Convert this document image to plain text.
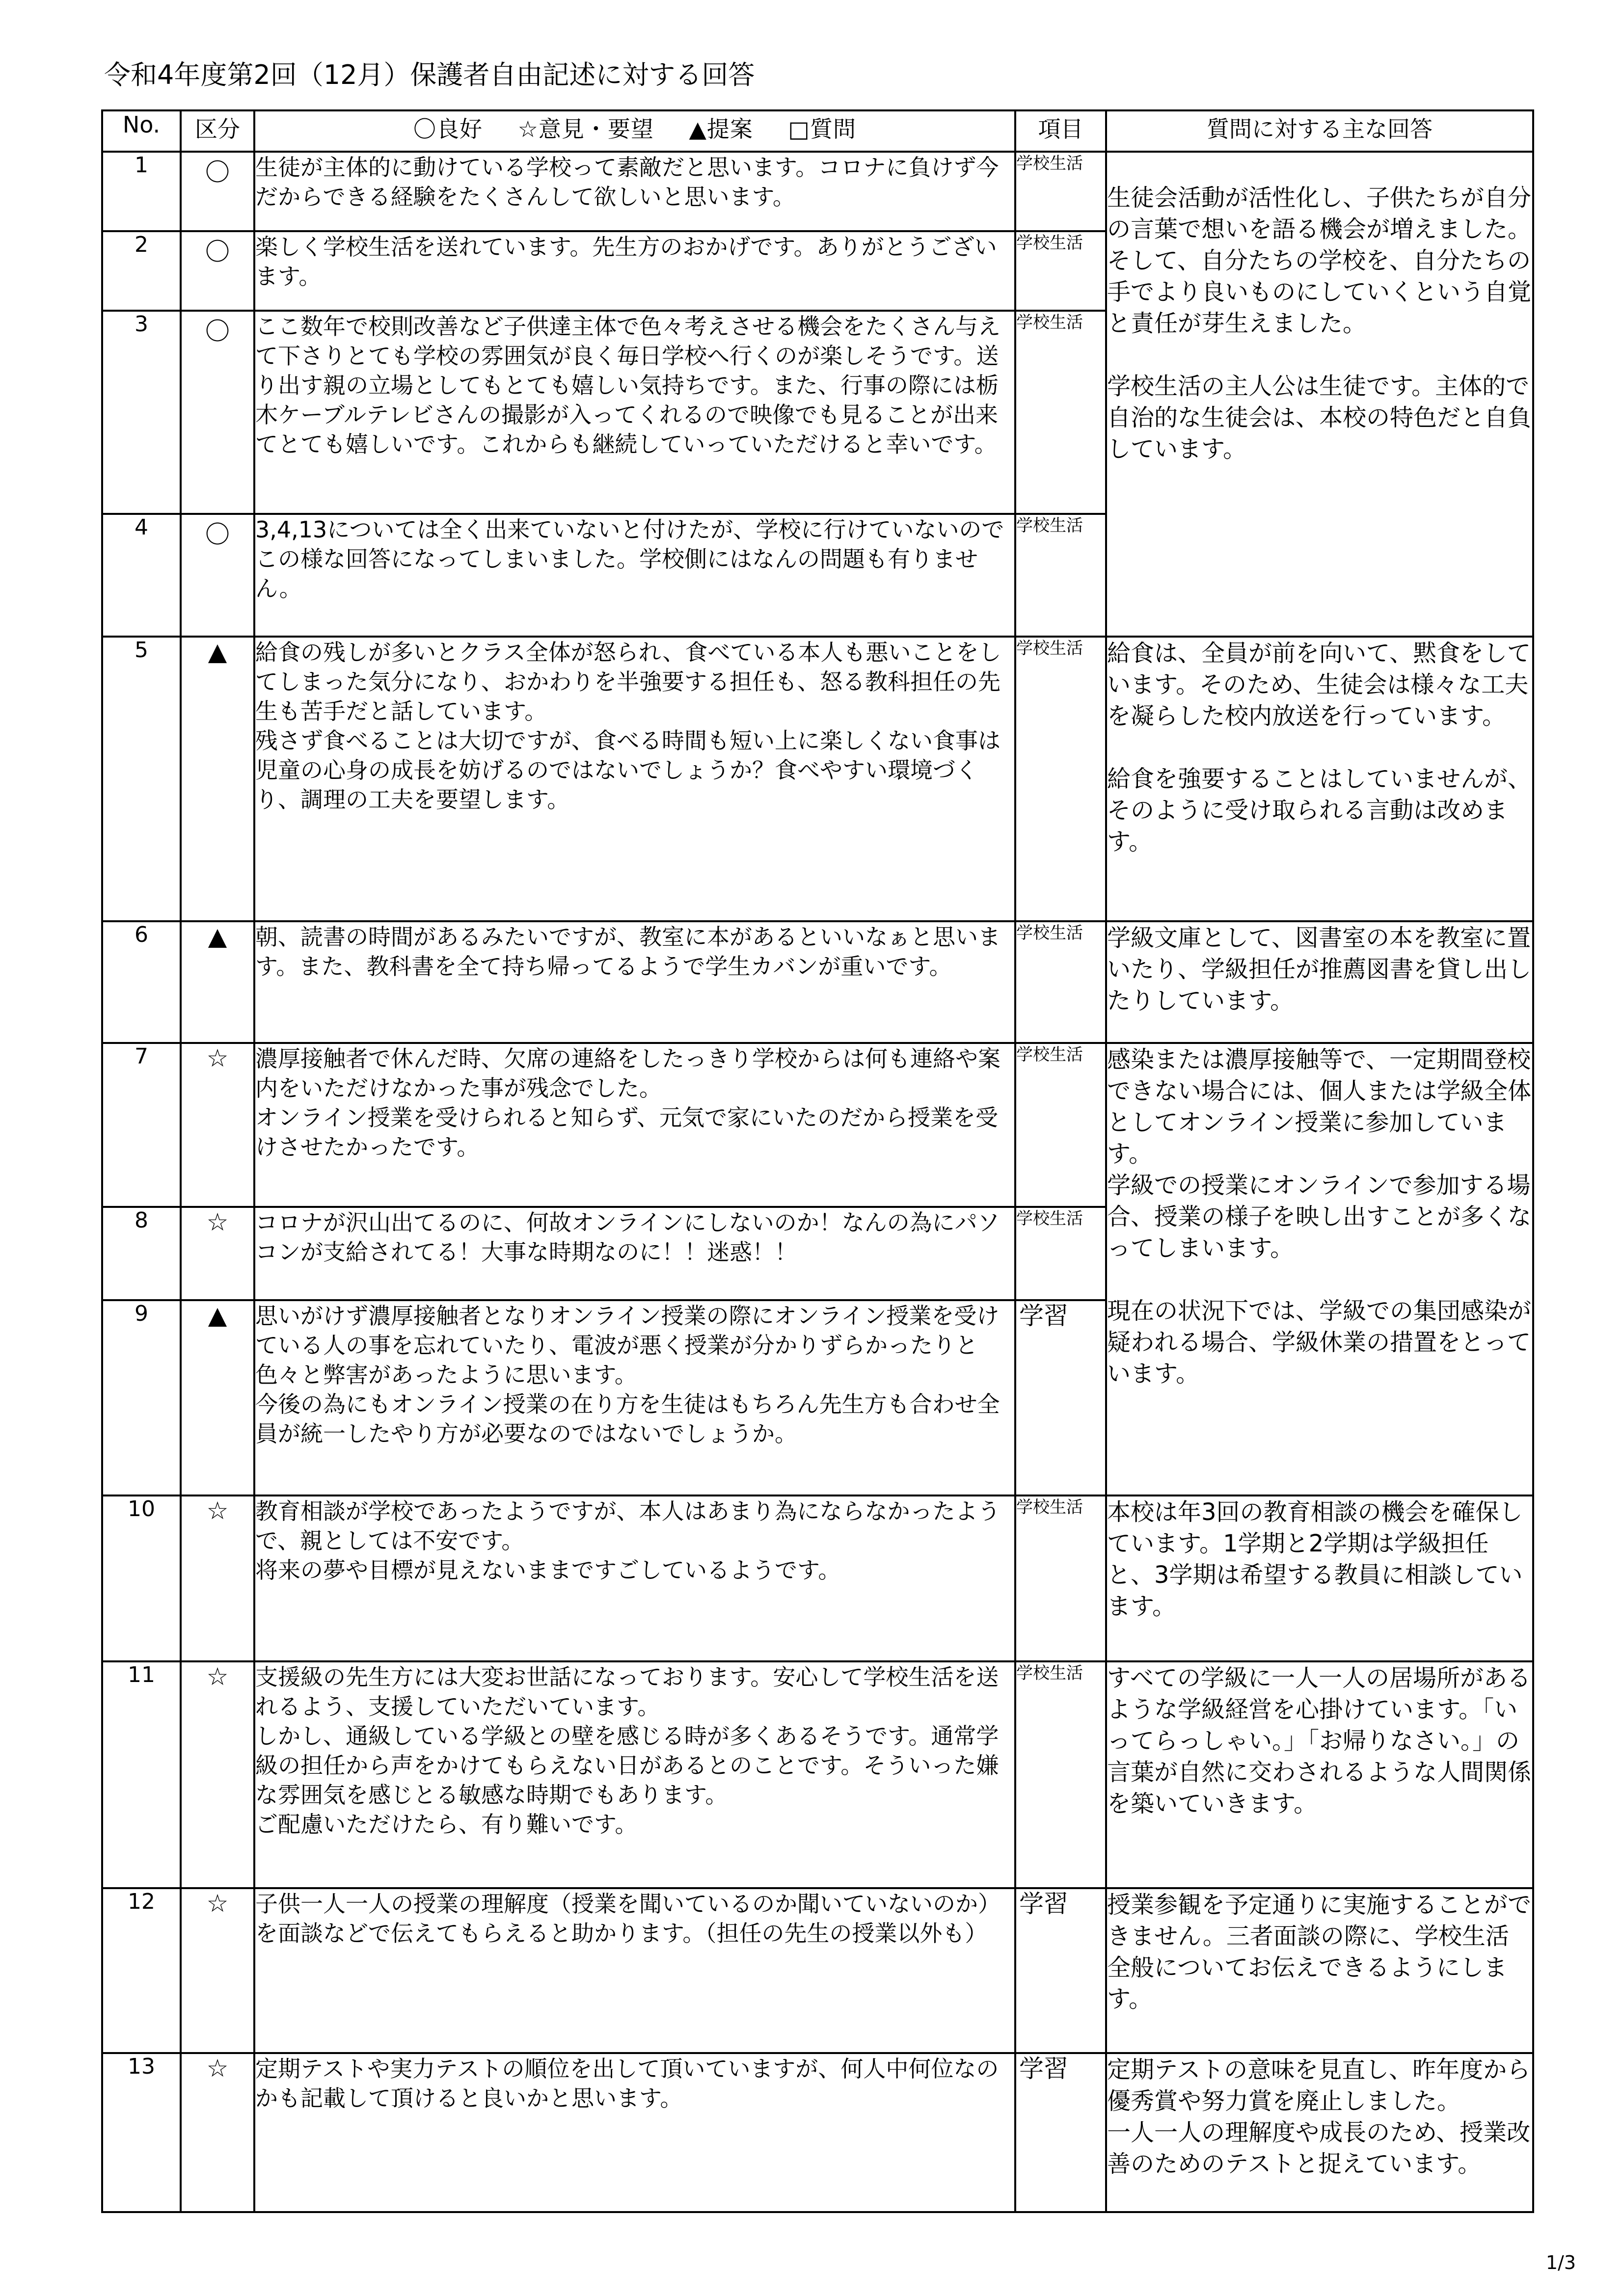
令和4年度第2回（12月）保護者自由記述に対する回答
No.	区分	〇良好 ☆意見・要望 ▲提案 □質問	項目	質問に対する主な回答
1	〇	生徒が主体的に動けている学校って素敵だと思います。コロナに負けず今だからできる経験をたくさんして欲しいと思います。	学校生活	生徒会活動が活性化し、子供たちが自分の言葉で想いを語る機会が増えました。そして、自分たちの学校を、自分たちの手でより良いものにしていくという自覚と責任が芽生えました。

学校生活の主人公は生徒です。主体的で自治的な生徒会は、本校の特色だと自負しています。

2	〇	楽しく学校生活を送れています。先生方のおかげです。ありがとうございます。	学校生活	

3	〇	ここ数年で校則改善など子供達主体で色々考えさせる機会をたくさん与えて下さりとても学校の雰囲気が良く毎日学校へ行くのが楽しそうです。送り出す親の立場としてもとても嬉しい気持ちです。また、行事の際には栃木ケーブルテレビさんの撮影が入ってくれるので映像でも見ることが出来てとても嬉しいです。これからも継続していっていただけると幸いです。	学校生活	

4	〇	3,4,13については全く出来ていないと付けたが、学校に行けていないのでこの様な回答になってしまいました。学校側にはなんの問題も有りません。	学校生活	

5	▲	給食の残しが多いとクラス全体が怒られ、食べている本人も悪いことをしてしまった気分になり、おかわりを半強要する担任も、怒る教科担任の先生も苦手だと話しています。
残さず食べることは大切ですが、食べる時間も短い上に楽しくない食事は児童の心身の成長を妨げるのではないでしょうか？食べやすい環境づくり、調理の工夫を要望します。	学校生活	給食は、全員が前を向いて、黙食をしています。そのため、生徒会は様々な工夫を凝らした校内放送を行っています。

給食を強要することはしていませんが、そのように受け取られる言動は改めます。

6	▲	朝、読書の時間があるみたいですが、教室に本があるといいなぁと思います。また、教科書を全て持ち帰ってるようで学生カバンが重いです。	学校生活	学級文庫として、図書室の本を教室に置いたり、学級担任が推薦図書を貸し出したりしています。

7	☆	濃厚接触者で休んだ時、欠席の連絡をしたっきり学校からは何も連絡や案内をいただけなかった事が残念でした。
オンライン授業を受けられると知らず、元気で家にいたのだから授業を受けさせたかったです。	学校生活	感染または濃厚接触等で、一定期間登校できない場合には、個人または学級全体としてオンライン授業に参加しています。
学級での授業にオンラインで参加する場合、授業の様子を映し出すことが多くなってしまいます。

現在の状況下では、学級での集団感染が疑われる場合、学級休業の措置をとっています。

8	☆	コロナが沢山出てるのに、何故オンラインにしないのか！なんの為にパソコンが支給されてる！大事な時期なのに！！迷惑！！	学校生活	

9	▲	思いがけず濃厚接触者となりオンライン授業の際にオンライン授業を受けている人の事を忘れていたり、電波が悪く授業が分かりずらかったりと色々と弊害があったように思います。
今後の為にもオンライン授業の在り方を生徒はもちろん先生方も合わせ全員が統一したやり方が必要なのではないでしょうか。	学習	

10	☆	教育相談が学校であったようですが、本人はあまり為にならなかったようで、親としては不安です。
将来の夢や目標が見えないままですごしているようです。	学校生活	本校は年3回の教育相談の機会を確保しています。1学期と2学期は学級担任と、3学期は希望する教員に相談しています。

11	☆	支援級の先生方には大変お世話になっております。安心して学校生活を送れるよう、支援していただいています。
しかし、通級している学級との壁を感じる時が多くあるそうです。通常学級の担任から声をかけてもらえない日があるとのことです。そういった嫌な雰囲気を感じとる敏感な時期でもあります。
ご配慮いただけたら、有り難いです。	学校生活	すべての学級に一人一人の居場所があるような学級経営を心掛けています。「いってらっしゃい。」「お帰りなさい。」の言葉が自然に交わされるような人間関係を築いていきます。

12	☆	子供一人一人の授業の理解度（授業を聞いているのか聞いていないのか）を面談などで伝えてもらえると助かります。（担任の先生の授業以外も）	学習	授業参観を予定通りに実施することができません。三者面談の際に、学校生活全般についてお伝えできるようにします。

13	☆	定期テストや実力テストの順位を出して頂いていますが、何人中何位なのかも記載して頂けると良いかと思います。	学習	定期テストの意味を見直し、昨年度から優秀賞や努力賞を廃止しました。
一人一人の理解度や成長のため、授業改善のためのテストと捉えています。
1/3
